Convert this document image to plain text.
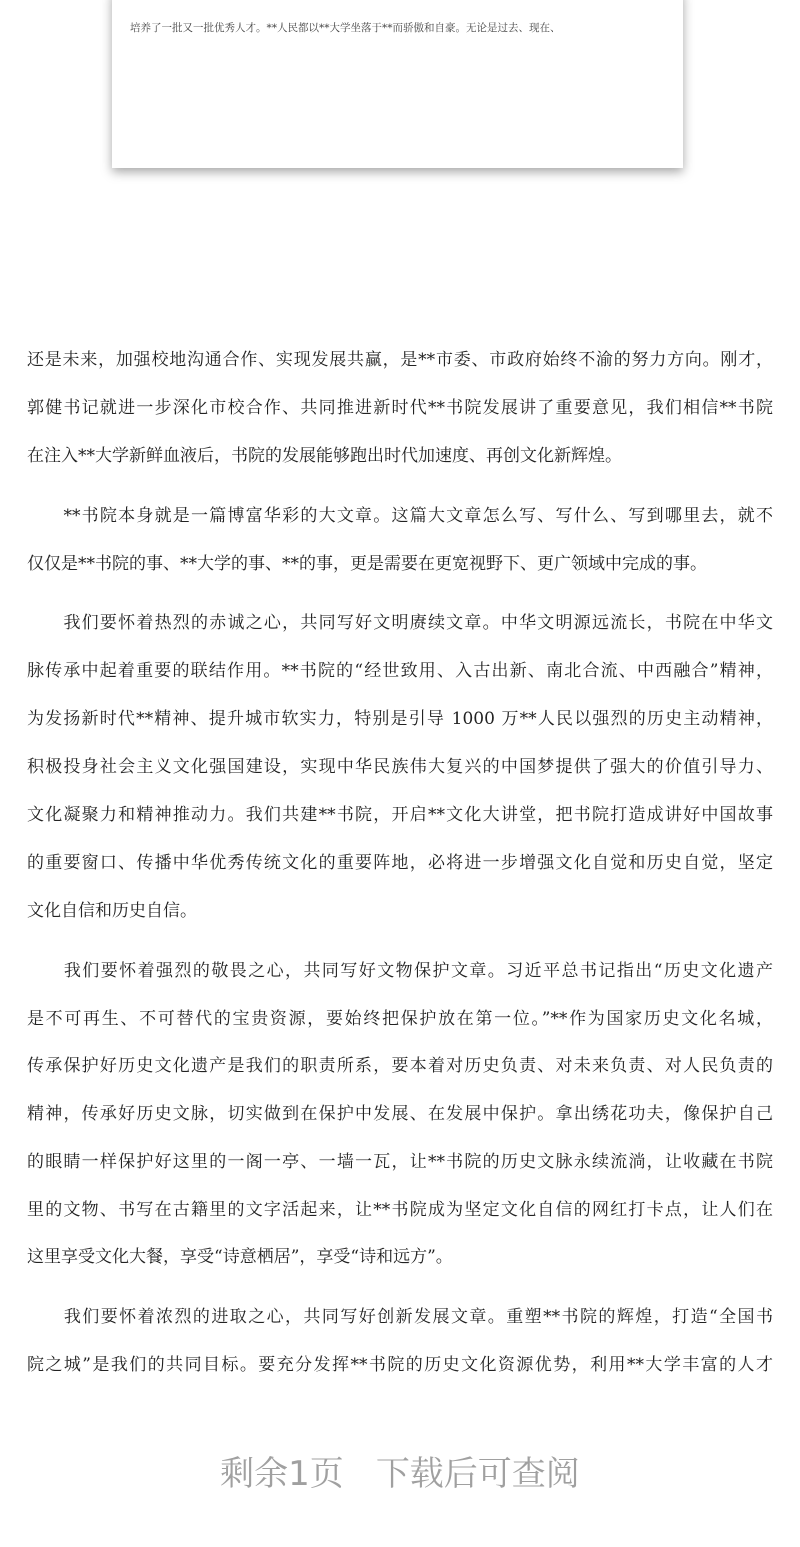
培养了一批又一批优秀人才。**人民都以**大学坐落于**而骄傲和自豪。无论是过去、现在、
还是未来，加强校地沟通合作、实现发展共赢，是**市委、市政府始终不渝的努力方向。刚才，
郭健书记就进一步深化市校合作、共同推进新时代**书院发展讲了重要意见，我们相信**书院
在注入**大学新鲜血液后，书院的发展能够跑出时代加速度、再创文化新辉煌。
　　**书院本身就是一篇博富华彩的大文章。这篇大文章怎么写、写什么、写到哪里去，就不
仅仅是**书院的事、**大学的事、**的事，更是需要在更宽视野下、更广领域中完成的事。
　　我们要怀着热烈的赤诚之心，共同写好文明赓续文章。中华文明源远流长，书院在中华文
脉传承中起着重要的联结作用。**书院的“经世致用、入古出新、南北合流、中西融合”精神，
为发扬新时代**精神、提升城市软实力，特别是引导 1000 万**人民以强烈的历史主动精神，
积极投身社会主义文化强国建设，实现中华民族伟大复兴的中国梦提供了强大的价值引导力、
文化凝聚力和精神推动力。我们共建**书院，开启**文化大讲堂，把书院打造成讲好中国故事
的重要窗口、传播中华优秀传统文化的重要阵地，必将进一步增强文化自觉和历史自觉，坚定
文化自信和历史自信。
　　我们要怀着强烈的敬畏之心，共同写好文物保护文章。习近平总书记指出“历史文化遗产
是不可再生、不可替代的宝贵资源，要始终把保护放在第一位。”**作为国家历史文化名城，
传承保护好历史文化遗产是我们的职责所系，要本着对历史负责、对未来负责、对人民负责的
精神，传承好历史文脉，切实做到在保护中发展、在发展中保护。拿出绣花功夫，像保护自己
的眼睛一样保护好这里的一阁一亭、一墙一瓦，让**书院的历史文脉永续流淌，让收藏在书院
里的文物、书写在古籍里的文字活起来，让**书院成为坚定文化自信的网红打卡点，让人们在
这里享受文化大餐，享受“诗意栖居”，享受“诗和远方”。
　　我们要怀着浓烈的进取之心，共同写好创新发展文章。重塑**书院的辉煌，打造“全国书
院之城”是我们的共同目标。要充分发挥**书院的历史文化资源优势，利用**大学丰富的人才
剩余1页 下载后可查阅
